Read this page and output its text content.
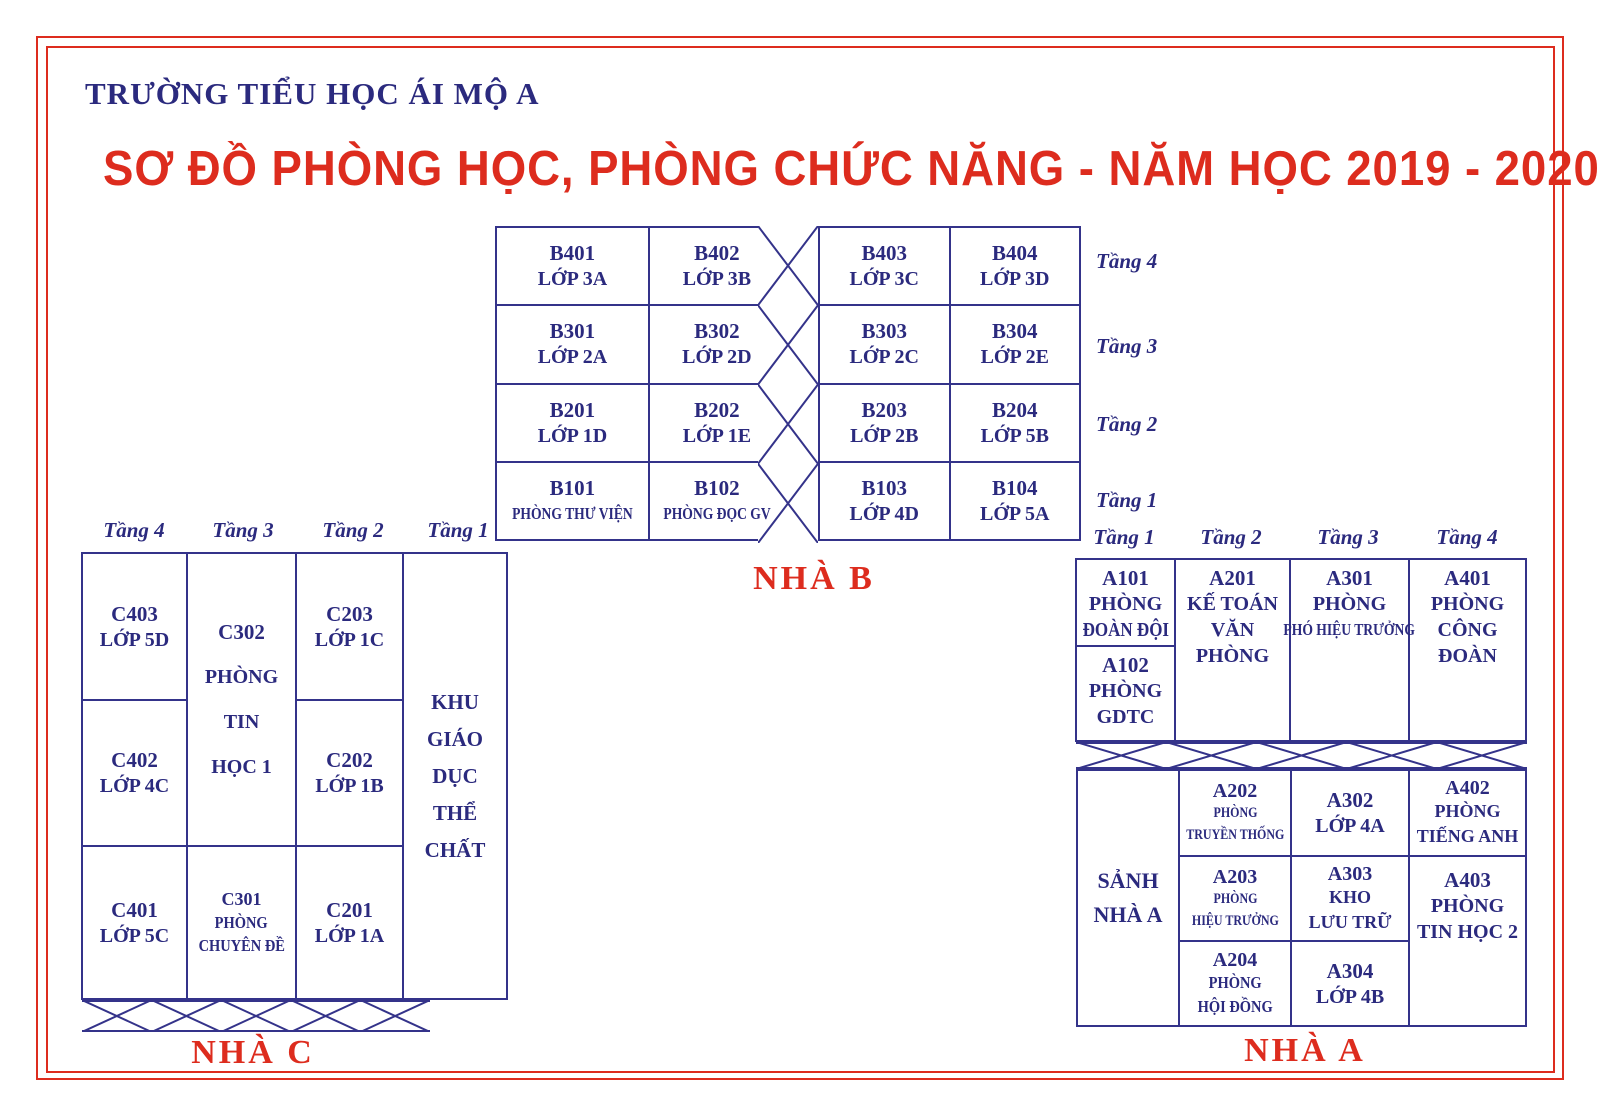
TRƯỜNG TIỂU HỌC ÁI MỘ A
SƠ ĐỒ PHÒNG HỌC, PHÒNG CHỨC NĂNG - NĂM HỌC 2019 - 2020
B401
LỚP 3A
B402
LỚP 3B
B301
LỚP 2A
B302
LỚP 2D
B201
LỚP 1D
B202
LỚP 1E
B101
PHÒNG THƯ VIỆN
B102
PHÒNG ĐỌC GV
B403
LỚP 3C
B404
LỚP 3D
B303
LỚP 2C
B304
LỚP 2E
B203
LỚP 2B
B204
LỚP 5B
B103
LỚP 4D
B104
LỚP 5A
Tầng 4
Tầng 3
Tầng 2
Tầng 1
NHÀ B
Tầng 4 Tầng 3 Tầng 2 Tầng 1
C403
LỚP 5D
C402
LỚP 4C
C401
LỚP 5C
C302
PHÒNG
TIN
HỌC 1
C301
PHÒNG
CHUYÊN ĐỀ
C203
LỚP 1C
C202
LỚP 1B
C201
LỚP 1A
KHU
GIÁO
DỤC
THỂ
CHẤT
NHÀ C
Tầng 1 Tầng 2	Tầng 3	Tầng 4
A101
PHÒNG
ĐOÀN ĐỘI
A102
PHÒNG
GDTC
A201
KẾ TOÁN
VĂN PHÒNG
A301
PHÒNG
PHÓ HIỆU TRƯỞNG
A401
PHÒNG
CÔNG ĐOÀN
SẢNH
NHÀ A
A202
PHÒNG
TRUYỀN THỐNG
A203
PHÒNG
HIỆU TRƯỞNG
A204
PHÒNG
HỘI ĐỒNG
A302
LỚP 4A
A303
KHO
LƯU TRỮ
A304
LỚP 4B
A402
PHÒNG
TIẾNG ANH
A403
PHÒNG
TIN HỌC 2
NHÀ A
